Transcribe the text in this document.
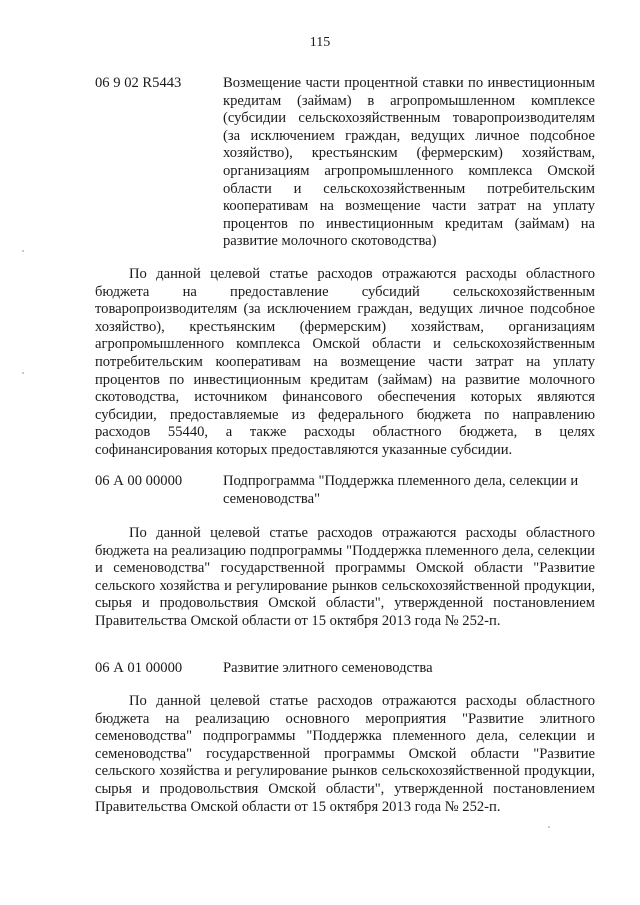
115
06 9 02 R5443	Возмещение части процентной ставки по инвестиционным кредитам (займам) в агропромышленном комплексе (субсидии сельскохозяйственным товаропроизводителям (за исключением граждан, ведущих личное подсобное хозяйство), крестьянским (фермерским) хозяйствам, организациям агропромышленного комплекса Омской области и сельскохозяйственным потребительским кооперативам на возмещение части затрат на уплату процентов по инвестиционным кредитам (займам) на развитие молочного скотоводства)
По данной целевой статье расходов отражаются расходы областного бюджета на предоставление субсидий сельскохозяйственным товаропроизводителям (за исключением граждан, ведущих личное подсобное хозяйство), крестьянским (фермерским) хозяйствам, организациям агропромышленного комплекса Омской области и сельскохозяйственным потребительским кооперативам на возмещение части затрат на уплату процентов по инвестиционным кредитам (займам) на развитие молочного скотоводства, источником финансового обеспечения которых являются субсидии, предоставляемые из федерального бюджета по направлению расходов 55440, а также расходы областного бюджета, в целях софинансирования которых предоставляются указанные субсидии.
06 А 00 00000	Подпрограмма "Поддержка племенного дела, селекции и семеноводства"
По данной целевой статье расходов отражаются расходы областного бюджета на реализацию подпрограммы "Поддержка племенного дела, селекции и семеноводства" государственной программы Омской области "Развитие сельского хозяйства и регулирование рынков сельскохозяйственной продукции, сырья и продовольствия Омской области", утвержденной постановлением Правительства Омской области от 15 октября 2013 года № 252-п.
06 А 01 00000	Развитие элитного семеноводства
По данной целевой статье расходов отражаются расходы областного бюджета на реализацию основного мероприятия "Развитие элитного семеноводства" подпрограммы "Поддержка племенного дела, селекции и семеноводства" государственной программы Омской области "Развитие сельского хозяйства и регулирование рынков сельскохозяйственной продукции, сырья и продовольствия Омской области", утвержденной постановлением Правительства Омской области от 15 октября 2013 года № 252-п.
